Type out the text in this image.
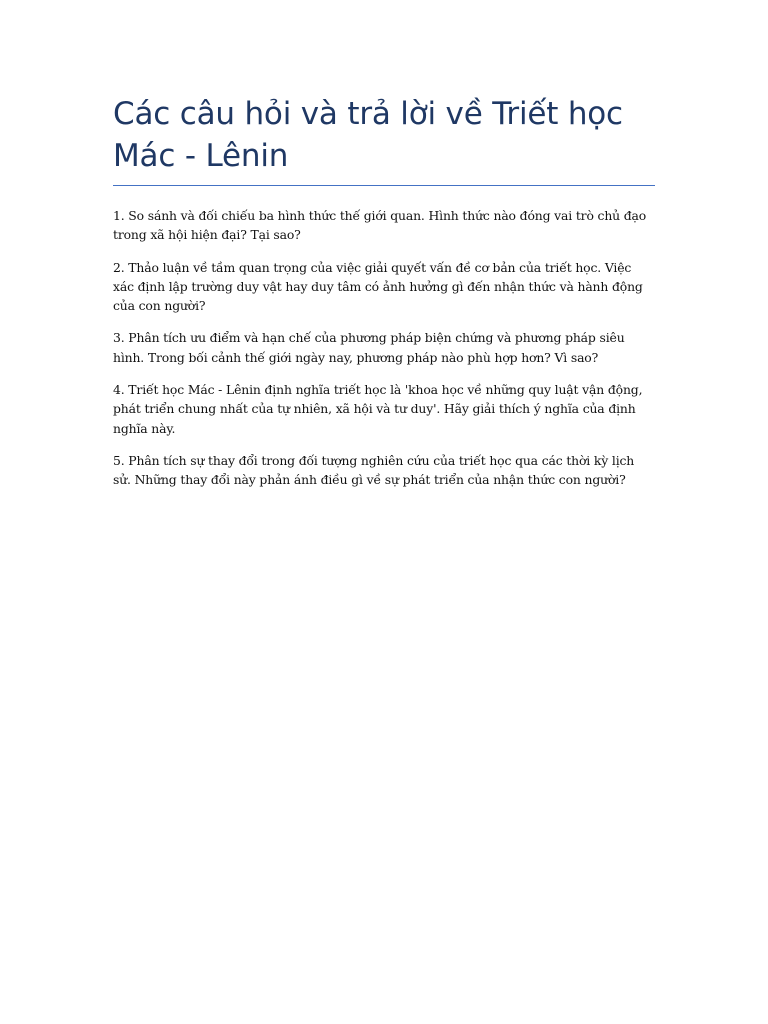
Các câu hỏi và trả lời về Triết học Mác - Lênin

1. So sánh và đối chiếu ba hình thức thế giới quan. Hình thức nào đóng vai trò chủ đạo trong xã hội hiện đại? Tại sao?

2. Thảo luận về tầm quan trọng của việc giải quyết vấn đề cơ bản của triết học. Việc xác định lập trường duy vật hay duy tâm có ảnh hưởng gì đến nhận thức và hành động của con người?

3. Phân tích ưu điểm và hạn chế của phương pháp biện chứng và phương pháp siêu hình. Trong bối cảnh thế giới ngày nay, phương pháp nào phù hợp hơn? Vì sao?

4. Triết học Mác - Lênin định nghĩa triết học là 'khoa học về những quy luật vận động, phát triển chung nhất của tự nhiên, xã hội và tư duy'. Hãy giải thích ý nghĩa của định nghĩa này.

5. Phân tích sự thay đổi trong đối tượng nghiên cứu của triết học qua các thời kỳ lịch sử. Những thay đổi này phản ánh điều gì về sự phát triển của nhận thức con người?
